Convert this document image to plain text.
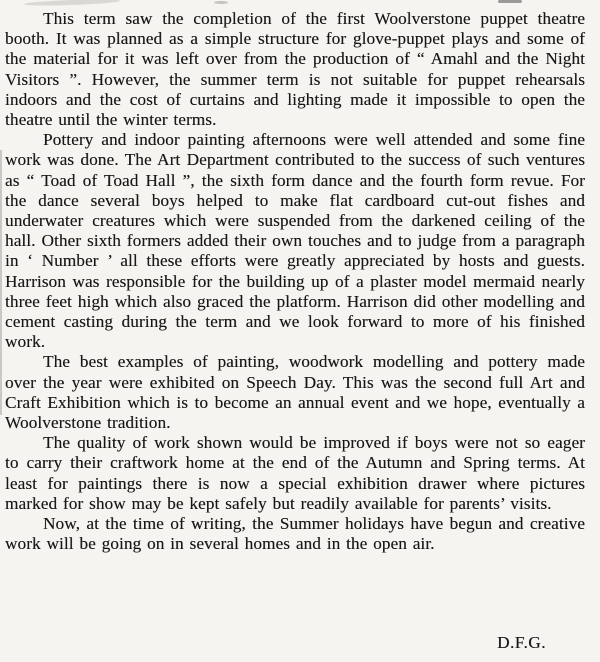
This term saw the completion of the first Woolverstone puppet theatre booth. It was planned as a simple structure for glove-puppet plays and some of the material for it was left over from the production of “ Amahl and the Night Visitors ”. However, the summer term is not suitable for puppet rehearsals indoors and the cost of curtains and lighting made it impossible to open the theatre until the winter terms.

Pottery and indoor painting afternoons were well attended and some fine work was done. The Art Department contributed to the success of such ventures as “ Toad of Toad Hall ”, the sixth form dance and the fourth form revue. For the dance several boys helped to make flat cardboard cut-out fishes and underwater creatures which were suspended from the darkened ceiling of the hall. Other sixth formers added their own touches and to judge from a paragraph in ‘ Number ’ all these efforts were greatly appreciated by hosts and guests. Harrison was responsible for the building up of a plaster model mermaid nearly three feet high which also graced the platform. Harrison did other modelling and cement casting during the term and we look forward to more of his finished work.

The best examples of painting, woodwork modelling and pottery made over the year were exhibited on Speech Day. This was the second full Art and Craft Exhibition which is to become an annual event and we hope, eventually a Woolverstone tradition.

The quality of work shown would be improved if boys were not so eager to carry their craftwork home at the end of the Autumn and Spring terms. At least for paintings there is now a special exhibition drawer where pictures marked for show may be kept safely but readily available for parents’ visits.

Now, at the time of writing, the Summer holidays have begun and creative work will be going on in several homes and in the open air.

D.F.G.
